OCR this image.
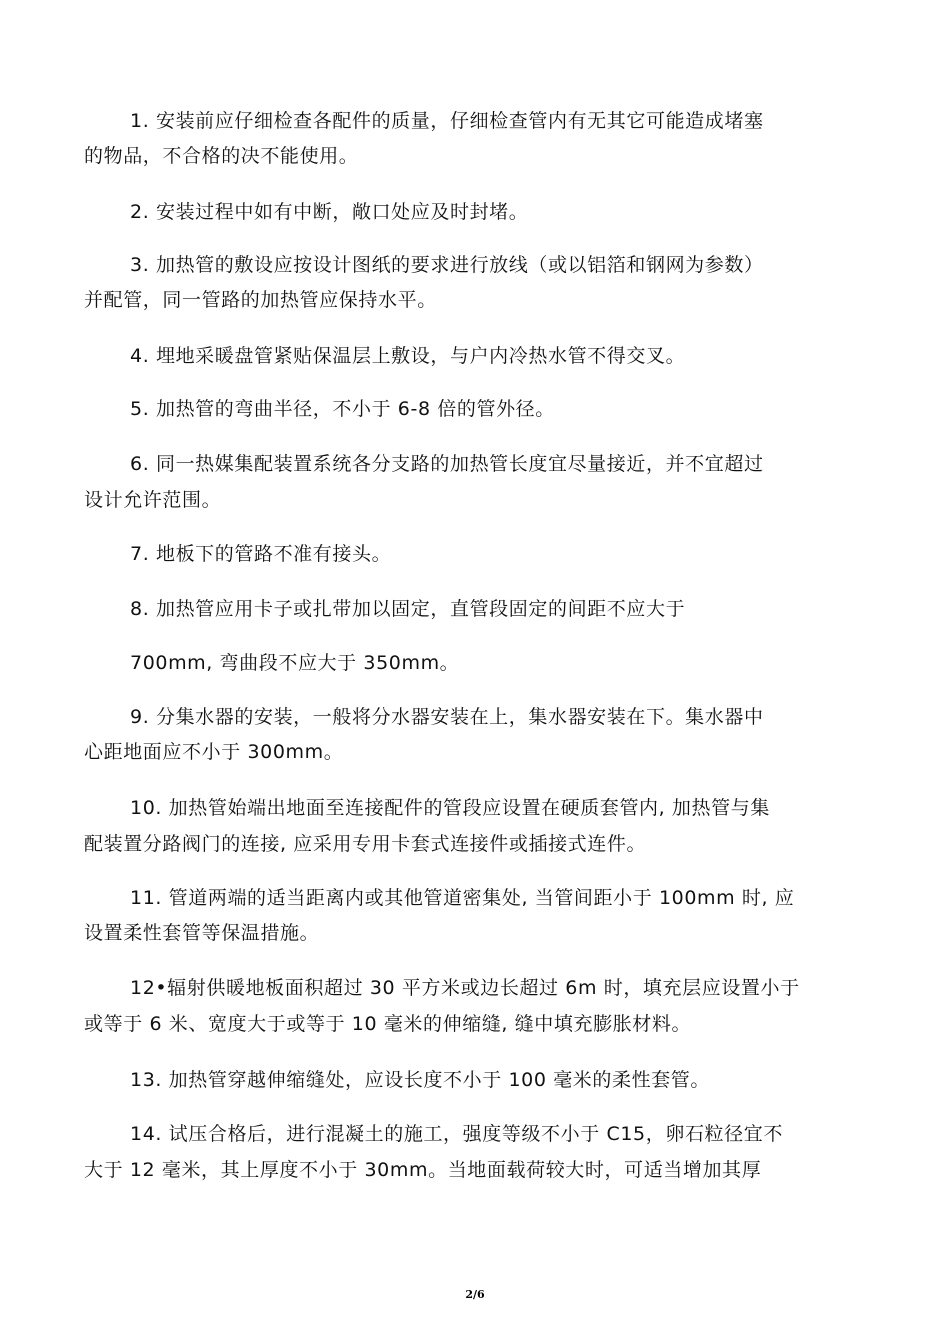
1. 安装前应仔细检查各配件的质量，仔细检查管内有无其它可能造成堵塞
的物品，不合格的决不能使用。
2. 安装过程中如有中断，敞口处应及时封堵。
3. 加热管的敷设应按设计图纸的要求进行放线（或以铝箔和钢网为参数）
并配管，同一管路的加热管应保持水平。
4. 埋地采暖盘管紧贴保温层上敷设，与户内冷热水管不得交叉。
5. 加热管的弯曲半径，不小于 6-8 倍的管外径。
6. 同一热媒集配装置系统各分支路的加热管长度宜尽量接近，并不宜超过
设计允许范围。
7. 地板下的管路不准有接头。
8. 加热管应用卡子或扎带加以固定，直管段固定的间距不应大于
700mm, 弯曲段不应大于 350mm。
9. 分集水器的安装，一般将分水器安装在上，集水器安装在下。集水器中
心距地面应不小于 300mm。
10. 加热管始端出地面至连接配件的管段应设置在硬质套管内, 加热管与集
配装置分路阀门的连接, 应采用专用卡套式连接件或插接式连件。
11. 管道两端的适当距离内或其他管道密集处, 当管间距小于 100mm 时, 应
设置柔性套管等保温措施。
12•辐射供暖地板面积超过 30 平方米或边长超过 6m 时，填充层应设置小于
或等于 6 米、宽度大于或等于 10 毫米的伸缩缝, 缝中填充膨胀材料。
13. 加热管穿越伸缩缝处，应设长度不小于 100 毫米的柔性套管。
14. 试压合格后，进行混凝土的施工，强度等级不小于 C15，卵石粒径宜不
大于 12 毫米，其上厚度不小于 30mm。当地面载荷较大时，可适当增加其厚
2/6
